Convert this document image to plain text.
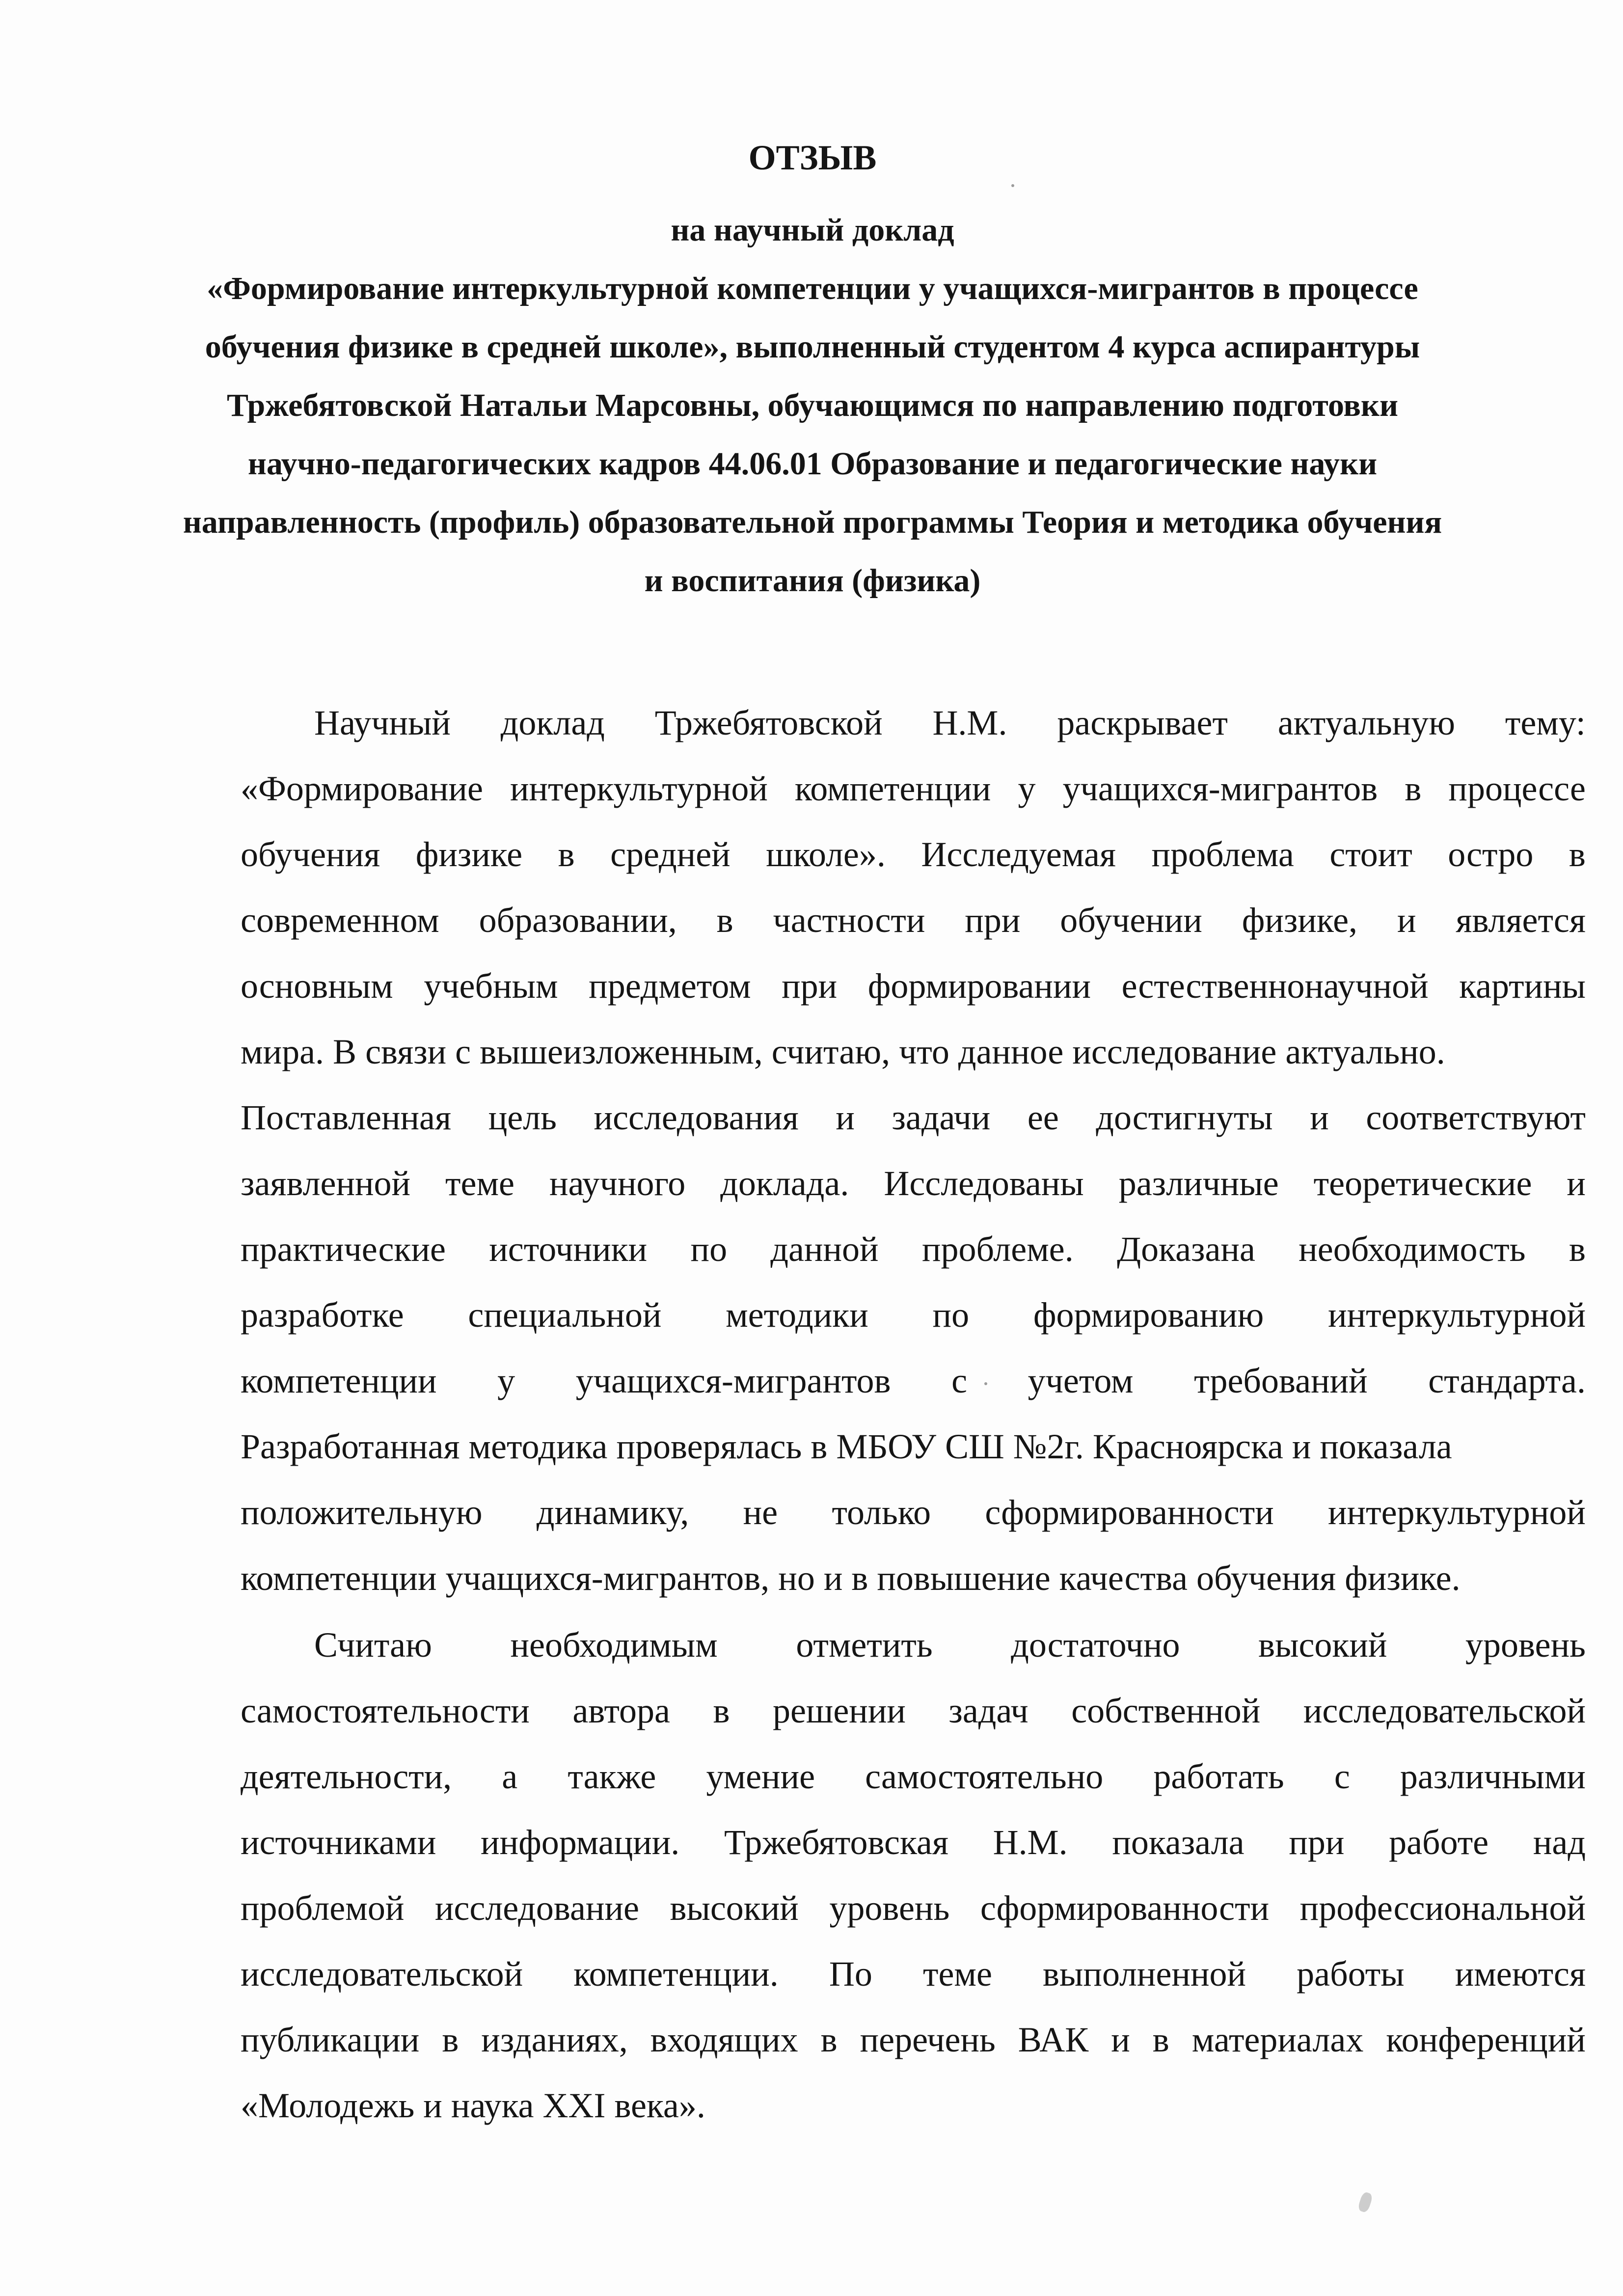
ОТЗЫВ
на научный доклад
«Формирование интеркультурной компетенции у учащихся-мигрантов в процессе
обучения физике в средней школе», выполненный студентом 4 курса аспирантуры
Тржебятовской Натальи Марсовны, обучающимся по направлению подготовки
научно-педагогических кадров 44.06.01 Образование и педагогические науки
направленность (профиль) образовательной программы Теория и методика обучения
и воспитания (физика)
Научный доклад Тржебятовской Н.М. раскрывает актуальную тему:
«Формирование интеркультурной компетенции у учащихся-мигрантов в процессе
обучения физике в средней школе». Исследуемая проблема стоит остро в
современном образовании, в частности при обучении физике, и является
основным учебным предметом при формировании естественнонаучной картины
мира. В связи с вышеизложенным, считаю, что данное исследование актуально.
Поставленная цель исследования и задачи ее достигнуты и соответствуют
заявленной теме научного доклада. Исследованы различные теоретические и
практические источники по данной проблеме. Доказана необходимость в
разработке специальной методики по формированию интеркультурной
компетенции у учащихся-мигрантов с учетом требований стандарта.
Разработанная методика проверялась в МБОУ СШ №2г. Красноярска и показала
положительную динамику, не только сформированности интеркультурной
компетенции учащихся-мигрантов, но и в повышение качества обучения физике.
Считаю необходимым отметить достаточно высокий уровень
самостоятельности автора в решении задач собственной исследовательской
деятельности, а также умение самостоятельно работать с различными
источниками информации. Тржебятовская Н.М. показала при работе над
проблемой исследование высокий уровень сформированности профессиональной
исследовательской компетенции. По теме выполненной работы имеются
публикации в изданиях, входящих в перечень ВАК и в материалах конференций
«Молодежь и наука XXI века».
